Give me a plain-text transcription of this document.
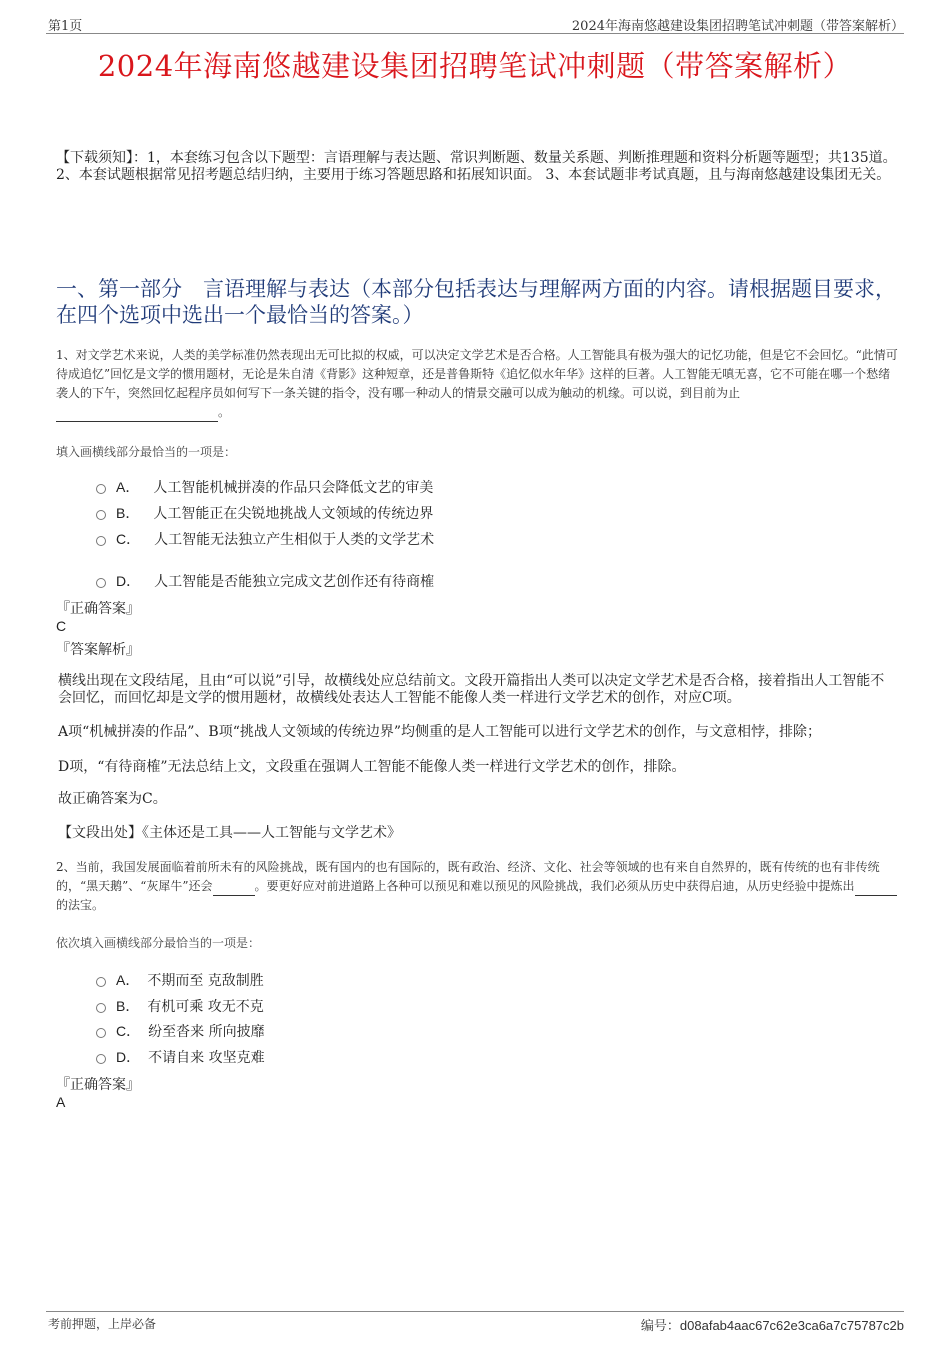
第1页	2024年海南悠越建设集团招聘笔试冲刺题（带答案解析）
2024年海南悠越建设集团招聘笔试冲刺题（带答案解析）
【下载须知】：1，本套练习包含以下题型：言语理解与表达题、常识判断题、数量关系题、判断推理题和资料分析题等题型；共135道。 2、本套试题根据常见招考题总结归纳，主要用于练习答题思路和拓展知识面。 3、本套试题非考试真题，且与海南悠越建设集团无关。
一、第一部分　言语理解与表达（本部分包括表达与理解两方面的内容。请根据题目要求，在四个选项中选出一个最恰当的答案。）
1、对文学艺术来说，人类的美学标准仍然表现出无可比拟的权威，可以决定文学艺术是否合格。人工智能具有极为强大的记忆功能，但是它不会回忆。“此情可待成追忆”回忆是文学的惯用题材，无论是朱自清《背影》这种短章，还是普鲁斯特《追忆似水年华》这样的巨著。人工智能无嗔无喜，它不可能在哪一个愁绪袭人的下午，突然回忆起程序员如何写下一条关键的指令，没有哪一种动人的情景交融可以成为触动的机缘。可以说，到目前为止。
填入画横线部分最恰当的一项是：
A． 人工智能机械拼凑的作品只会降低文艺的审美
B． 人工智能正在尖锐地挑战人文领域的传统边界
C． 人工智能无法独立产生相似于人类的文学艺术
D． 人工智能是否能独立完成文艺创作还有待商榷
『正确答案』
C
『答案解析』
横线出现在文段结尾，且由“可以说”引导，故横线处应总结前文。文段开篇指出人类可以决定文学艺术是否合格，接着指出人工智能不会回忆，而回忆却是文学的惯用题材，故横线处表达人工智能不能像人类一样进行文学艺术的创作，对应C项。
A项“机械拼凑的作品”、B项“挑战人文领域的传统边界”均侧重的是人工智能可以进行文学艺术的创作，与文意相悖，排除；
D项，“有待商榷”无法总结上文，文段重在强调人工智能不能像人类一样进行文学艺术的创作，排除。
故正确答案为C。
【文段出处】《主体还是工具——人工智能与文学艺术》
2、当前，我国发展面临着前所未有的风险挑战，既有国内的也有国际的，既有政治、经济、文化、社会等领域的也有来自自然界的，既有传统的也有非传统的，“黑天鹅”、“灰犀牛”还会	。要更好应对前进道路上各种可以预见和难以预见的风险挑战，我们必须从历史中获得启迪，从历史经验中提炼出的法宝。
依次填入画横线部分最恰当的一项是：
A． 不期而至 克敌制胜
B． 有机可乘 攻无不克
C． 纷至沓来 所向披靡
D． 不请自来 攻坚克难
『正确答案』
A
考前押题，上岸必备	编号：d08afab4aac67c62e3ca6a7c75787c2b
